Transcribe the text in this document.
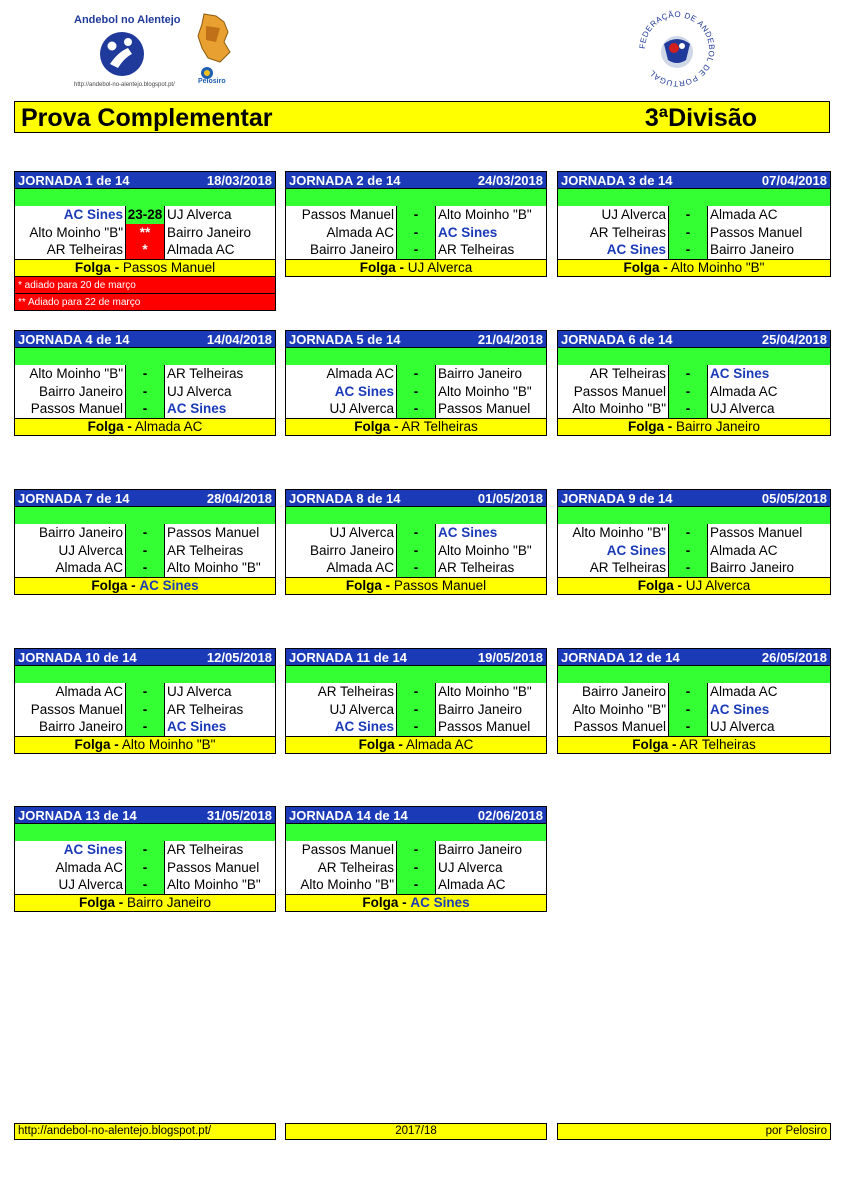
Andebol no Alentejo
Pelosiro
http://andebol-no-alentejo.blogspot.pt/
FEDERAÇÃO DE ANDEBOL DE PORTUGAL
Prova Complementar	3ªDivisão
JORNADA 1 de 14	18/03/2018
AC Sines 23-28 UJ Alverca
Alto Moinho "B"	**	Bairro Janeiro
AR Telheiras	*	Almada AC
Folga - Passos Manuel
* adiado para 20 de março
** Adiado para 22 de março
JORNADA 2 de 14	24/03/2018
Passos Manuel	-	Alto Moinho "B"
Almada AC	-	AC Sines
Bairro Janeiro	-	AR Telheiras
Folga - UJ Alverca
JORNADA 3 de 14	07/04/2018
UJ Alverca	-	Almada AC
AR Telheiras	-	Passos Manuel
AC Sines	-	Bairro Janeiro
Folga - Alto Moinho "B"
JORNADA 4 de 14	14/04/2018
Alto Moinho "B"	-	AR Telheiras
Bairro Janeiro	-	UJ Alverca
Passos Manuel	-	AC Sines
Folga - Almada AC
JORNADA 5 de 14	21/04/2018
Almada AC	-	Bairro Janeiro
AC Sines	-	Alto Moinho "B"
UJ Alverca	-	Passos Manuel
Folga - AR Telheiras
JORNADA 6 de 14	25/04/2018
AR Telheiras	-	AC Sines
Passos Manuel	-	Almada AC
Alto Moinho "B"	-	UJ Alverca
Folga - Bairro Janeiro
JORNADA 7 de 14	28/04/2018
Bairro Janeiro	-	Passos Manuel
UJ Alverca	-	AR Telheiras
Almada AC	-	Alto Moinho "B"
Folga - AC Sines
JORNADA 8 de 14	01/05/2018
UJ Alverca	-	AC Sines
Bairro Janeiro	-	Alto Moinho "B"
Almada AC	-	AR Telheiras
Folga - Passos Manuel
JORNADA 9 de 14	05/05/2018
Alto Moinho "B"	-	Passos Manuel
AC Sines	-	Almada AC
AR Telheiras	-	Bairro Janeiro
Folga - UJ Alverca
JORNADA 10 de 14	12/05/2018
Almada AC	-	UJ Alverca
Passos Manuel	-	AR Telheiras
Bairro Janeiro	-	AC Sines
Folga - Alto Moinho "B"
JORNADA 11 de 14	19/05/2018
AR Telheiras	-	Alto Moinho "B"
UJ Alverca	-	Bairro Janeiro
AC Sines	-	Passos Manuel
Folga - Almada AC
JORNADA 12 de 14	26/05/2018
Bairro Janeiro	-	Almada AC
Alto Moinho "B"	-	AC Sines
Passos Manuel	-	UJ Alverca
Folga - AR Telheiras
JORNADA 13 de 14	31/05/2018
AC Sines	-	AR Telheiras
Almada AC	-	Passos Manuel
UJ Alverca	-	Alto Moinho "B"
Folga - Bairro Janeiro
JORNADA 14 de 14	02/06/2018
Passos Manuel	-	Bairro Janeiro
AR Telheiras	-	UJ Alverca
Alto Moinho "B"	-	Almada AC
Folga - AC Sines
http://andebol-no-alentejo.blogspot.pt/	2017/18	por Pelosiro
